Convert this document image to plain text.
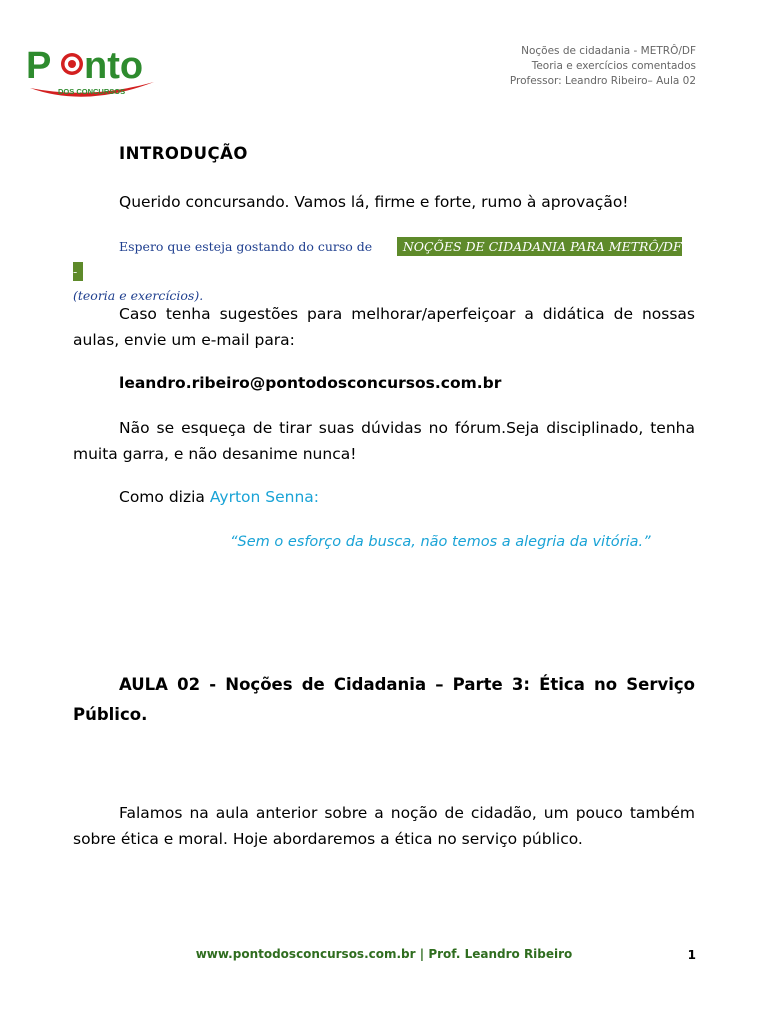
P nto
DOS CONCURSOS
Noções de cidadania - METRÔ/DF
Teoria e exercícios comentados
Professor: Leandro Ribeiro– Aula 02
INTRODUÇÃO

Querido concursando. Vamos lá, firme e forte, rumo à aprovação!

Espero que esteja gostando do curso de NOÇÕES DE CIDADANIA PARA METRÔ/DF -

(teoria e exercícios).

Caso tenha sugestões para melhorar/aperfeiçoar a didática de nossas aulas, envie um e-mail para:

leandro.ribeiro@pontodosconcursos.com.br

Não se esqueça de tirar suas dúvidas no fórum.Seja disciplinado, tenha muita garra, e não desanime nunca!

Como dizia Ayrton Senna:

“Sem o esforço da busca, não temos a alegria da vitória.”

AULA 02 - Noções de Cidadania – Parte 3: Ética no Serviço Público.

Falamos na aula anterior sobre a noção de cidadão, um pouco também sobre ética e moral. Hoje abordaremos a ética no serviço público.

www.pontodosconcursos.com.br | Prof. Leandro Ribeiro	1
